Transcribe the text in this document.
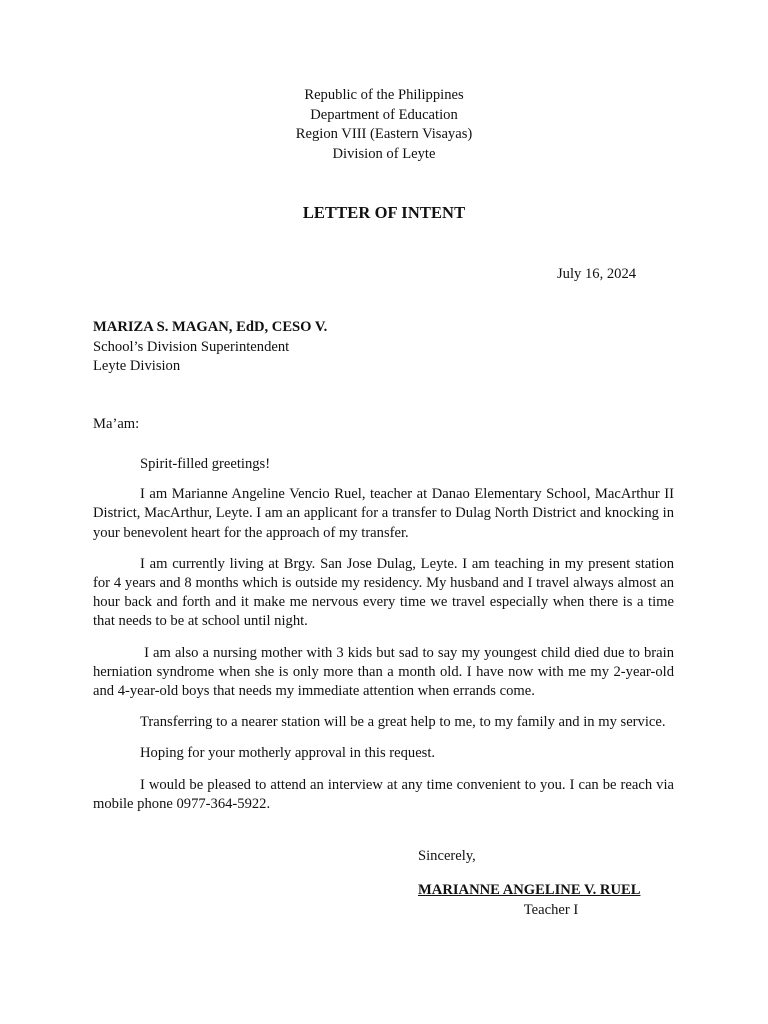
Republic of the Philippines
Department of Education
Region VIII (Eastern Visayas)
Division of Leyte
LETTER OF INTENT
July 16, 2024
MARIZA S. MAGAN, EdD, CESO V.
School’s Division Superintendent
Leyte Division
Ma’am:

Spirit-filled greetings!

I am Marianne Angeline Vencio Ruel, teacher at Danao Elementary School, MacArthur II District, MacArthur, Leyte. I am an applicant for a transfer to Dulag North District and knocking in your benevolent heart for the approach of my transfer.

I am currently living at Brgy. San Jose Dulag, Leyte. I am teaching in my present station for 4 years and 8 months which is outside my residency. My husband and I travel always almost an hour back and forth and it make me nervous every time we travel especially when there is a time that needs to be at school until night.

I am also a nursing mother with 3 kids but sad to say my youngest child died due to brain herniation syndrome when she is only more than a month old. I have now with me my 2-year-old and 4-year-old boys that needs my immediate attention when errands come.

Transferring to a nearer station will be a great help to me, to my family and in my service.

Hoping for your motherly approval in this request.

I would be pleased to attend an interview at any time convenient to you. I can be reach via mobile phone 0977-364-5922.

Sincerely,
MARIANNE ANGELINE V. RUEL
Teacher I
